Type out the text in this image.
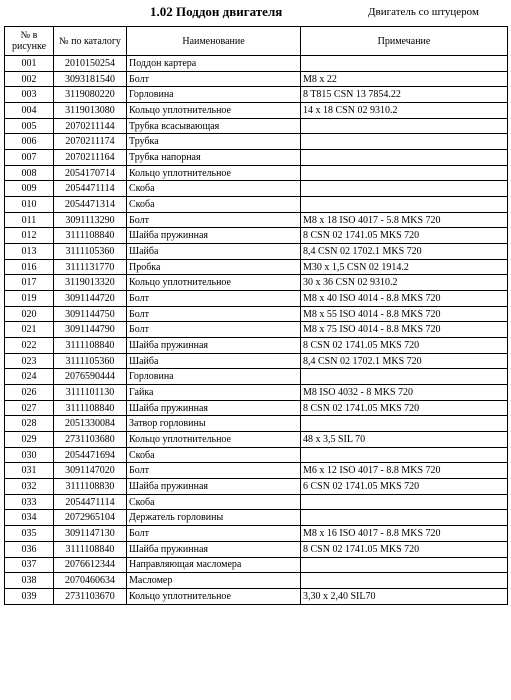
1.02 Поддон двигателя	Двигатель со штуцером
№ в рисунке	№ по каталогу	Наименование	Примечание
001	2010150254	Поддон картера	
002	3093181540	Болт	M8 x 22
003	3119080220	Горловина	8 T815 CSN 13 7854.22
004	3119013080	Кольцо уплотнительное	14 x 18 CSN 02 9310.2
005	2070211144	Трубка всасывающая	
006	2070211174	Трубка	
007	2070211164	Трубка напорная	
008	2054170714	Кольцо уплотнительное	
009	2054471114	Скоба	
010	2054471314	Скоба	
011	3091113290	Болт	M8 x 18 ISO 4017 - 5.8 MKS 720
012	3111108840	Шайба пружинная	8 CSN 02 1741.05 MKS 720
013	3111105360	Шайба	8,4 CSN 02 1702.1 MKS 720
016	3111131770	Пробка	M30 x 1,5 CSN 02 1914.2
017	3119013320	Кольцо уплотнительное	30 x 36 CSN 02 9310.2
019	3091144720	Болт	M8 x 40 ISO 4014 - 8.8 MKS 720
020	3091144750	Болт	M8 x 55 ISO 4014 - 8.8 MKS 720
021	3091144790	Болт	M8 x 75 ISO 4014 - 8.8 MKS 720
022	3111108840	Шайба пружинная	8 CSN 02 1741.05 MKS 720
023	3111105360	Шайба	8,4 CSN 02 1702.1 MKS 720
024	2076590444	Горловина	
026	3111101130	Гайка	M8 ISO 4032 - 8 MKS 720
027	3111108840	Шайба пружинная	8 CSN 02 1741.05 MKS 720
028	2051330084	Затвор горловины	
029	2731103680	Кольцо уплотнительное	48 x 3,5 SIL 70
030	2054471694	Скоба	
031	3091147020	Болт	M6 x 12 ISO 4017 - 8.8 MKS 720
032	3111108830	Шайба пружинная	6 CSN 02 1741.05 MKS 720
033	2054471114	Скоба	
034	2072965104	Держатель горловины	
035	3091147130	Болт	M8 x 16 ISO 4017 - 8.8 MKS 720
036	3111108840	Шайба пружинная	8 CSN 02 1741.05 MKS 720
037	2076612344	Направляющая масломера	
038	2070460634	Масломер	
039	2731103670	Кольцо уплотнительное	3,30 x 2,40 SIL70
